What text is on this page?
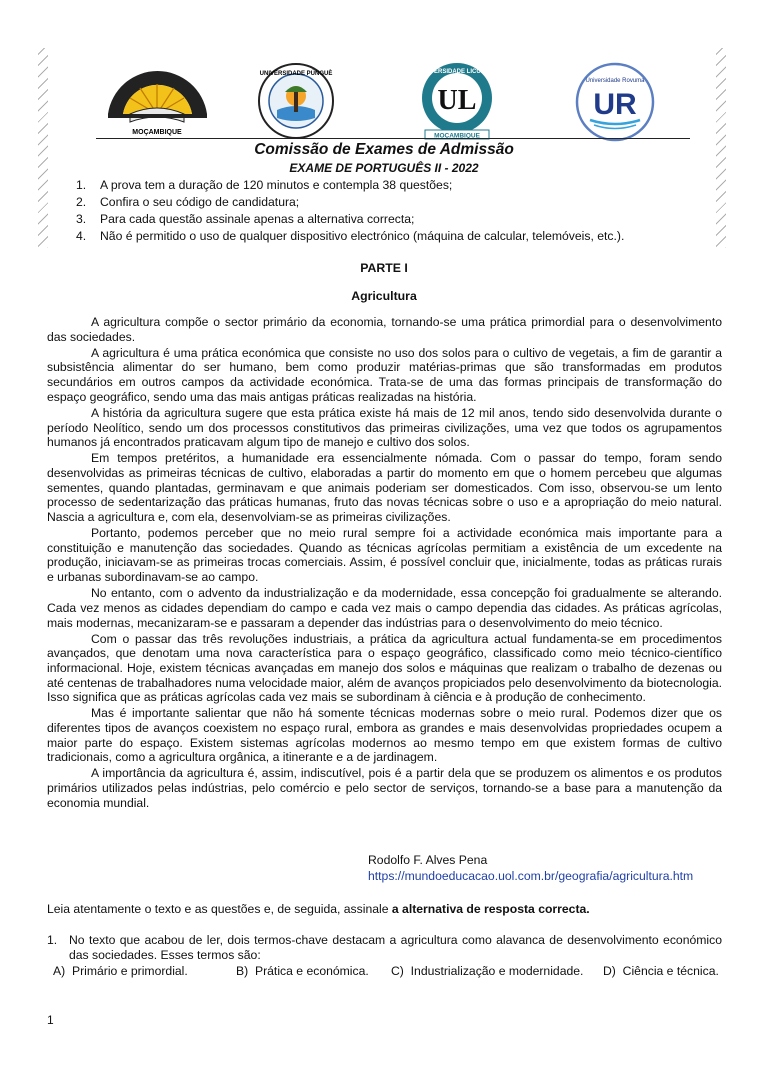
MOÇAMBIQUE
UNIVERSIDADE PÚNGUÈ
UL
UNIVERSIDADE LICUNGO
MOÇAMBIQUE
Universidade Rovuma
UR
Comissão de Exames de Admissão
EXAME DE PORTUGUÊS II - 2022
1. A prova tem a duração de 120 minutos e contempla 38 questões;
2. Confira o seu código de candidatura;
3. Para cada questão assinale apenas a alternativa correcta;
4. Não é permitido o uso de qualquer dispositivo electrónico (máquina de calcular, telemóveis, etc.).
PARTE I
Agricultura

A agricultura compõe o sector primário da economia, tornando-se uma prática primordial para o desenvolvimento das sociedades.

A agricultura é uma prática económica que consiste no uso dos solos para o cultivo de vegetais, a fim de garantir a subsistência alimentar do ser humano, bem como produzir matérias-primas que são transformadas em produtos secundários em outros campos da actividade económica. Trata-se de uma das formas principais de transformação do espaço geográfico, sendo uma das mais antigas práticas realizadas na história.

A história da agricultura sugere que esta prática existe há mais de 12 mil anos, tendo sido desenvolvida durante o período Neolítico, sendo um dos processos constitutivos das primeiras civilizações, uma vez que todos os agrupamentos humanos já encontrados praticavam algum tipo de manejo e cultivo dos solos.

Em tempos pretéritos, a humanidade era essencialmente nómada. Com o passar do tempo, foram sendo desenvolvidas as primeiras técnicas de cultivo, elaboradas a partir do momento em que o homem percebeu que algumas sementes, quando plantadas, germinavam e que animais poderiam ser domesticados. Com isso, observou-se um lento processo de sedentarização das práticas humanas, fruto das novas técnicas sobre o uso e a apropriação do meio natural. Nascia a agricultura e, com ela, desenvolviam-se as primeiras civilizações.

Portanto, podemos perceber que no meio rural sempre foi a actividade económica mais importante para a constituição e manutenção das sociedades. Quando as técnicas agrícolas permitiam a existência de um excedente na produção, iniciavam-se as primeiras trocas comerciais. Assim, é possível concluir que, inicialmente, todas as práticas rurais e urbanas subordinavam-se ao campo.

No entanto, com o advento da industrialização e da modernidade, essa concepção foi gradualmente se alterando. Cada vez menos as cidades dependiam do campo e cada vez mais o campo dependia das cidades. As práticas agrícolas, mais modernas, mecanizaram-se e passaram a depender das indústrias para o desenvolvimento do meio técnico.

Com o passar das três revoluções industriais, a prática da agricultura actual fundamenta-se em procedimentos avançados, que denotam uma nova característica para o espaço geográfico, classificado como meio técnico-científico informacional. Hoje, existem técnicas avançadas em manejo dos solos e máquinas que realizam o trabalho de dezenas ou até centenas de trabalhadores numa velocidade maior, além de avanços propiciados pelo desenvolvimento da biotecnologia. Isso significa que as práticas agrícolas cada vez mais se subordinam à ciência e à produção de conhecimento.

Mas é importante salientar que não há somente técnicas modernas sobre o meio rural. Podemos dizer que os diferentes tipos de avanços coexistem no espaço rural, embora as grandes e mais desenvolvidas propriedades ocupem a maior parte do espaço. Existem sistemas agrícolas modernos ao mesmo tempo em que existem formas de cultivo tradicionais, como a agricultura orgânica, a itinerante e a de jardinagem.

A importância da agricultura é, assim, indiscutível, pois é a partir dela que se produzem os alimentos e os produtos primários utilizados pelas indústrias, pelo comércio e pelo sector de serviços, tornando-se a base para a manutenção da economia mundial.

Rodolfo F. Alves Pena
https://mundoeducacao.uol.com.br/geografia/agricultura.htm
Leia atentamente o texto e as questões e, de seguida, assinale a alternativa de resposta correcta.
1. No texto que acabou de ler, dois termos-chave destacam a agricultura como alavanca de desenvolvimento económico das sociedades. Esses termos são:
A) Primário e primordial.	B) Prática e económica. C) Industrialização e modernidade. D) Ciência e técnica.
1
